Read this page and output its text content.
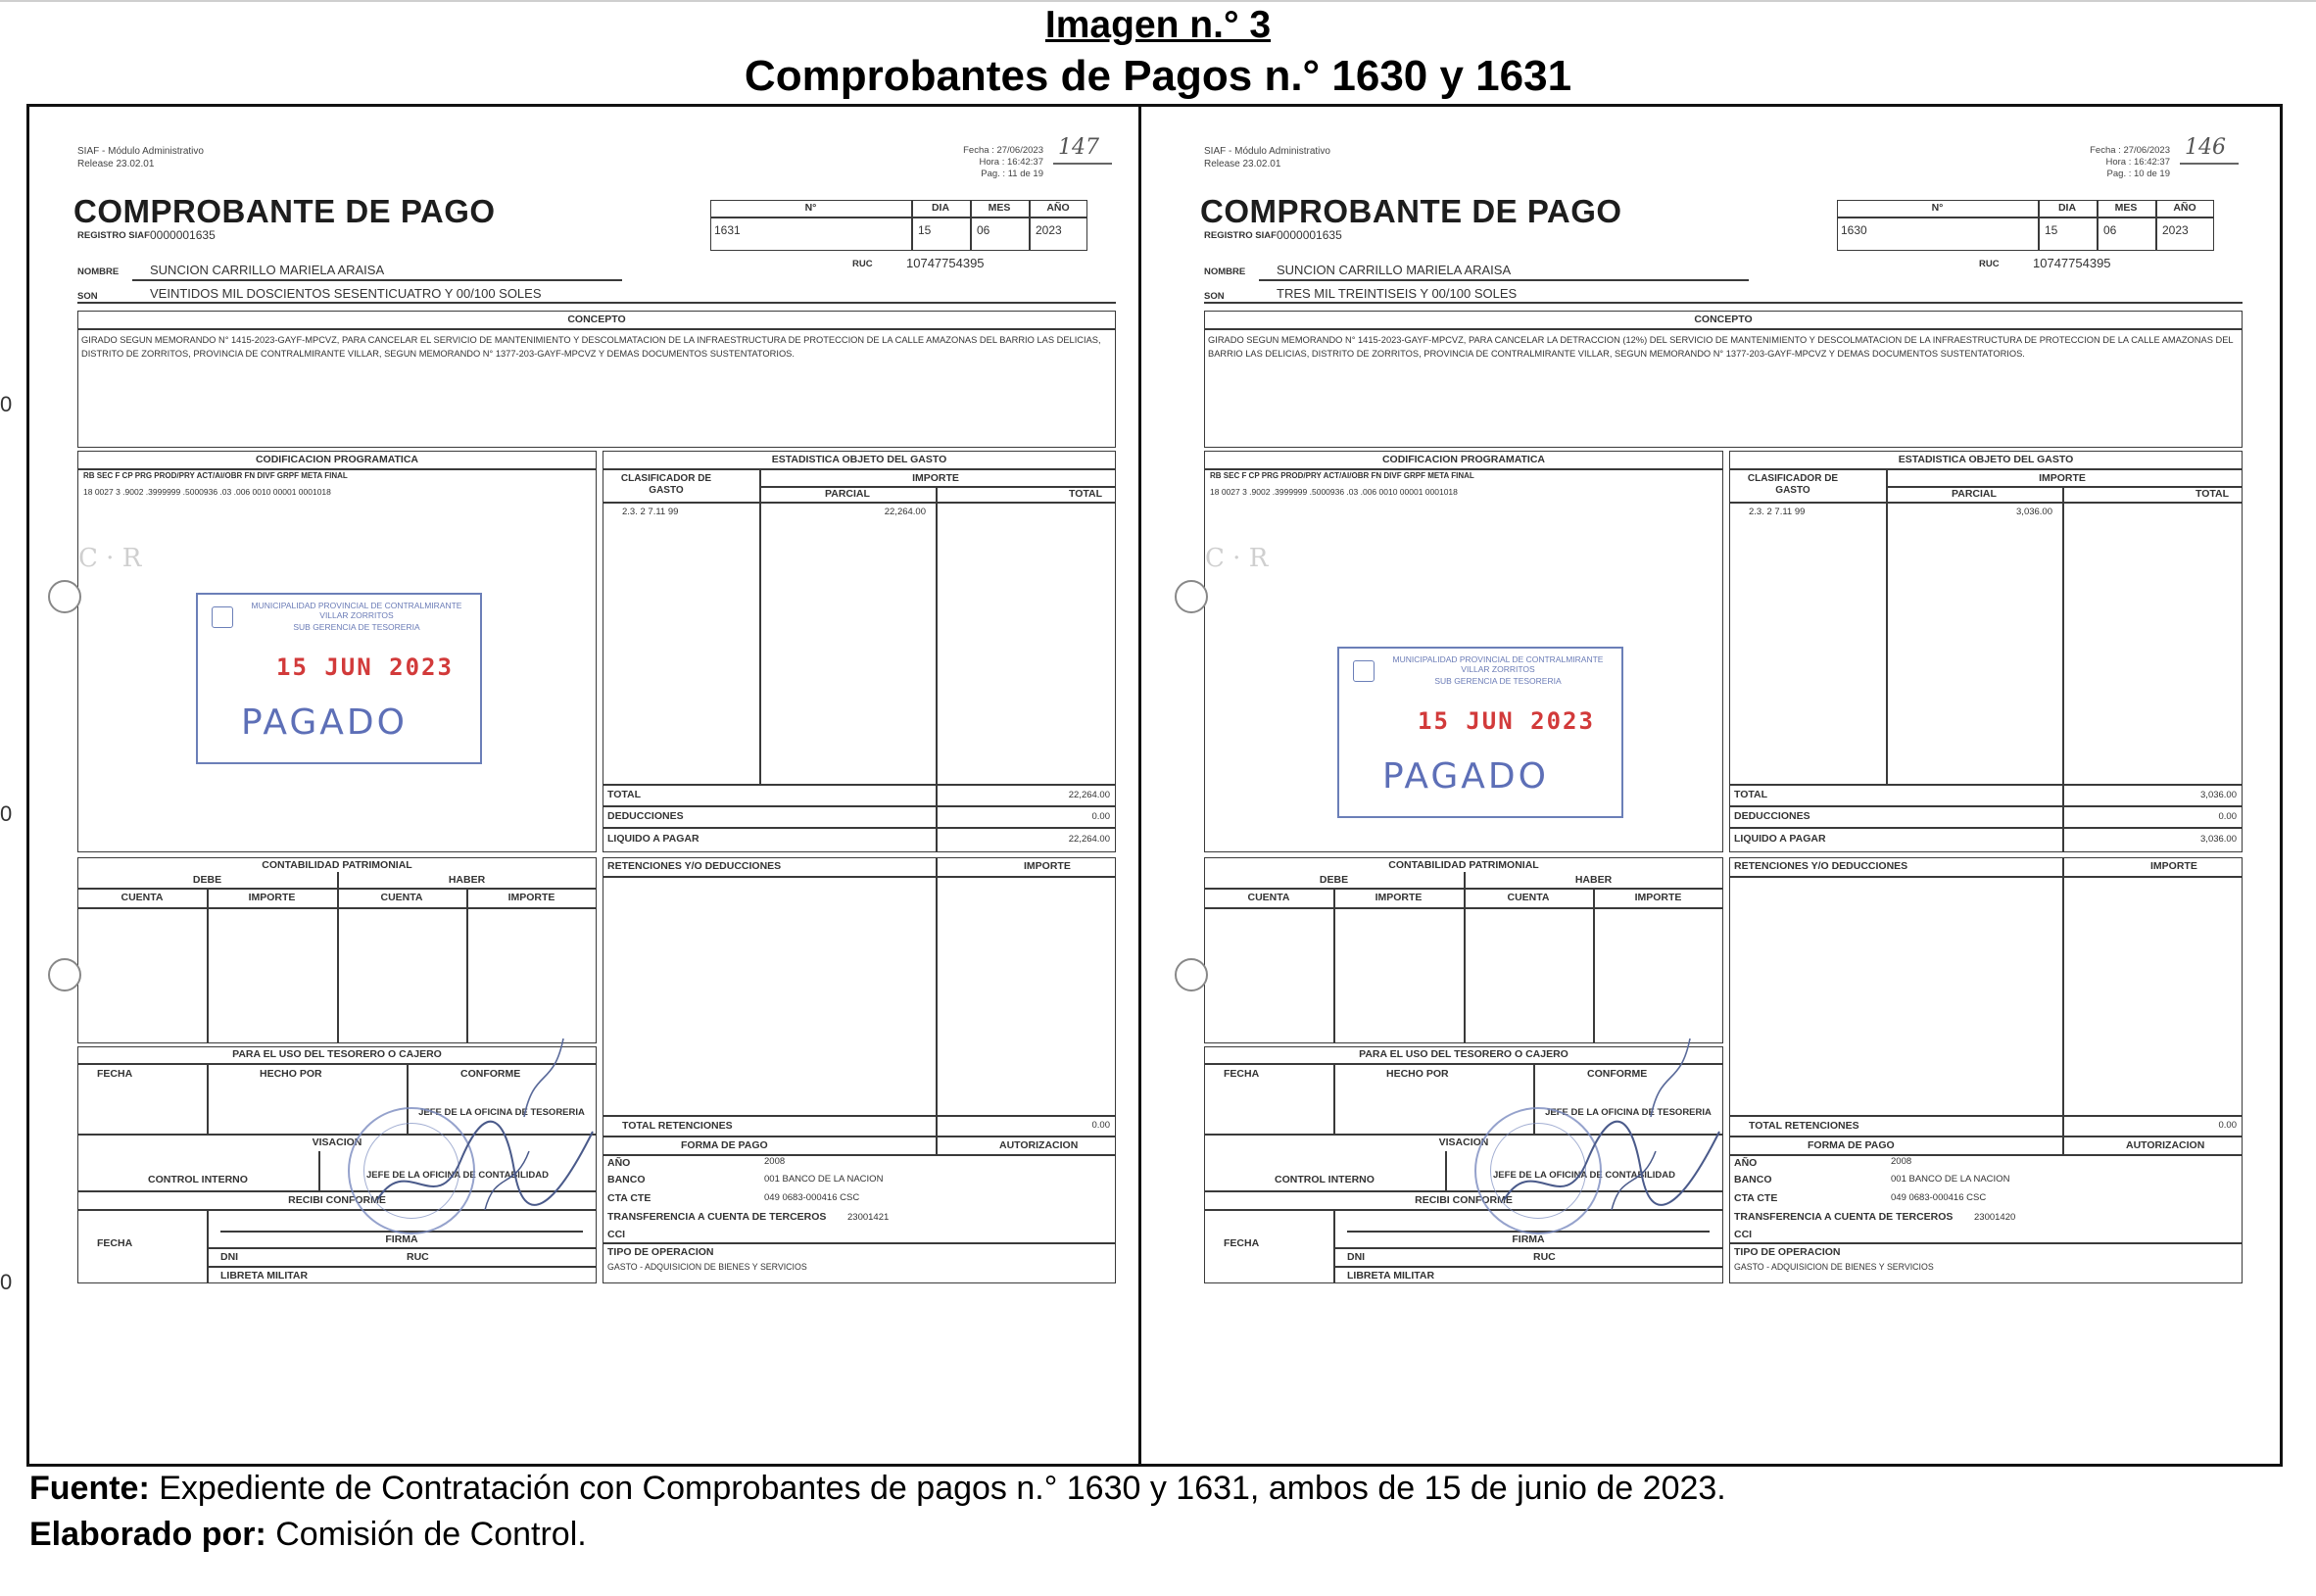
Imagen n.° 3
Comprobantes de Pagos n.° 1630 y 1631
0
0
0
SIAF - Módulo Administrativo
Release 23.02.01
Fecha : 27/06/2023
Hora : 16:42:37
Pag. : 11 de 19
147
COMPROBANTE DE PAGO
REGISTRO SIAF 0000001635
N°	DIA	MES	AÑO
1631	15	06	2023
NOMBRE SUNCION CARRILLO MARIELA ARAISA	RUC	10747754395
SON	VEINTIDOS MIL DOSCIENTOS SESENTICUATRO Y 00/100 SOLES
CONCEPTO
GIRADO SEGUN MEMORANDO N° 1415-2023-GAYF-MPCVZ, PARA CANCELAR EL SERVICIO DE MANTENIMIENTO Y DESCOLMATACION DE LA INFRAESTRUCTURA DE PROTECCION DE LA CALLE AMAZONAS DEL BARRIO LAS DELICIAS, DISTRITO DE ZORRITOS, PROVINCIA DE CONTRALMIRANTE VILLAR, SEGUN MEMORANDO N° 1377-203-GAYF-MPCVZ Y DEMAS DOCUMENTOS SUSTENTATORIOS.
CODIFICACION PROGRAMATICA
RB SEC F CP PRG PROD/PRY ACT/AI/OBR FN DIVF GRPF META FINAL
18 0027 3 .9002 .3999999 .5000936 .03 .006 0010 00001 0001018
ESTADISTICA OBJETO DEL GASTO
CLASIFICADOR DE GASTO
IMPORTE
PARCIAL	TOTAL
2.3. 2 7.11 99	22,264.00
TOTAL	22,264.00
DEDUCCIONES	0.00
LIQUIDO A PAGAR	22,264.00
MUNICIPALIDAD PROVINCIAL DE CONTRALMIRANTE VILLAR ZORRITOS
SUB GERENCIA DE TESORERIA
15 JUN 2023
PAGADO
CONTABILIDAD PATRIMONIAL
DEBE	HABER
CUENTA	IMPORTE	CUENTA	IMPORTE
RETENCIONES Y/O DEDUCCIONES	IMPORTE
TOTAL RETENCIONES	0.00
PARA EL USO DEL TESORERO O CAJERO
FECHA	HECHO POR	CONFORME
JEFE DE LA OFICINA DE TESORERIA
VISACION
CONTROL INTERNO	JEFE DE LA OFICINA DE CONTABILIDAD
FORMA DE PAGO	AUTORIZACION
AÑO	2008
BANCO	001 BANCO DE LA NACION
CTA CTE	049 0683-000416 CSC
TRANSFERENCIA A CUENTA DE TERCEROS 23001421
CCI
TIPO DE OPERACION
GASTO - ADQUISICION DE BIENES Y SERVICIOS
RECIBI CONFORME
FIRMA
FECHA
DNI	RUC
LIBRETA MILITAR
C · R
SIAF - Módulo Administrativo
Release 23.02.01
Fecha : 27/06/2023
Hora : 16:42:37
Pag. : 10 de 19
146
COMPROBANTE DE PAGO
REGISTRO SIAF 0000001635
N°	DIA	MES	AÑO
1630	15	06	2023
NOMBRE SUNCION CARRILLO MARIELA ARAISA	RUC	10747754395
SON	TRES MIL TREINTISEIS Y 00/100 SOLES
CONCEPTO
GIRADO SEGUN MEMORANDO N° 1415-2023-GAYF-MPCVZ, PARA CANCELAR LA DETRACCION (12%) DEL SERVICIO DE MANTENIMIENTO Y DESCOLMATACION DE LA INFRAESTRUCTURA DE PROTECCION DE LA CALLE AMAZONAS DEL BARRIO LAS DELICIAS, DISTRITO DE ZORRITOS, PROVINCIA DE CONTRALMIRANTE VILLAR, SEGUN MEMORANDO N° 1377-203-GAYF-MPCVZ Y DEMAS DOCUMENTOS SUSTENTATORIOS.
CODIFICACION PROGRAMATICA
RB SEC F CP PRG PROD/PRY ACT/AI/OBR FN DIVF GRPF META FINAL
18 0027 3 .9002 .3999999 .5000936 .03 .006 0010 00001 0001018
ESTADISTICA OBJETO DEL GASTO
CLASIFICADOR DE GASTO
IMPORTE
PARCIAL	TOTAL
2.3. 2 7.11 99	3,036.00
TOTAL	3,036.00
DEDUCCIONES	0.00
LIQUIDO A PAGAR	3,036.00
MUNICIPALIDAD PROVINCIAL DE CONTRALMIRANTE VILLAR ZORRITOS
SUB GERENCIA DE TESORERIA
15 JUN 2023
PAGADO
CONTABILIDAD PATRIMONIAL
DEBE	HABER
CUENTA	IMPORTE	CUENTA	IMPORTE
RETENCIONES Y/O DEDUCCIONES	IMPORTE
TOTAL RETENCIONES	0.00
PARA EL USO DEL TESORERO O CAJERO
FECHA	HECHO POR	CONFORME
JEFE DE LA OFICINA DE TESORERIA
VISACION
CONTROL INTERNO	JEFE DE LA OFICINA DE CONTABILIDAD
FORMA DE PAGO	AUTORIZACION
AÑO	2008
BANCO	001 BANCO DE LA NACION
CTA CTE	049 0683-000416 CSC
TRANSFERENCIA A CUENTA DE TERCEROS 23001420
CCI
TIPO DE OPERACION
GASTO - ADQUISICION DE BIENES Y SERVICIOS
RECIBI CONFORME
FIRMA
FECHA
DNI	RUC
LIBRETA MILITAR
C · R
Fuente: Expediente de Contratación con Comprobantes de pagos n.° 1630 y 1631, ambos de 15 de junio de 2023.
Elaborado por: Comisión de Control.
